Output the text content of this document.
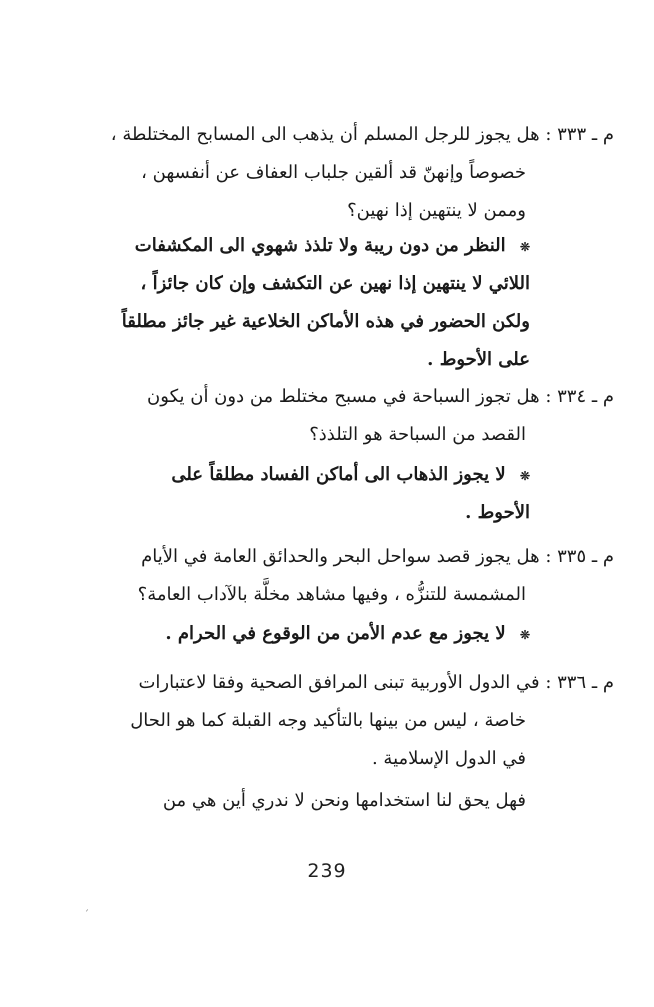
م ـ ٣٣٣ : هل يجوز للرجل المسلم أن يذهب الى المسابح المختلطة ،
خصوصاً وإنهنّ قد ألقين جلباب العفاف عن أنفسهن ،
وممن لا ينتهين إذا نهين؟
❊ النظر من دون ريبة ولا تلذذ شهوي الى المكشفات
اللائي لا ينتهين إذا نهين عن التكشف وإن كان جائزاً ،
ولكن الحضور في هذه الأماكن الخلاعية غير جائز مطلقاً
على الأحوط .
م ـ ٣٣٤ : هل تجوز السباحة في مسبح مختلط من دون أن يكون
القصد من السباحة هو التلذذ؟
❊ لا يجوز الذهاب الى أماكن الفساد مطلقاً على
الأحوط .
م ـ ٣٣٥ : هل يجوز قصد سواحل البحر والحدائق العامة في الأيام
المشمسة للتنزُّه ، وفيها مشاهد مخلَّة بالآداب العامة؟
❊ لا يجوز مع عدم الأمن من الوقوع في الحرام .
م ـ ٣٣٦ : في الدول الأوربية تبنى المرافق الصحية وفقا لاعتبارات
خاصة ، ليس من بينها بالتأكيد وجه القبلة كما هو الحال
في الدول الإسلامية .
فهل يحق لنا استخدامها ونحن لا ندري أين هي من
239
´
